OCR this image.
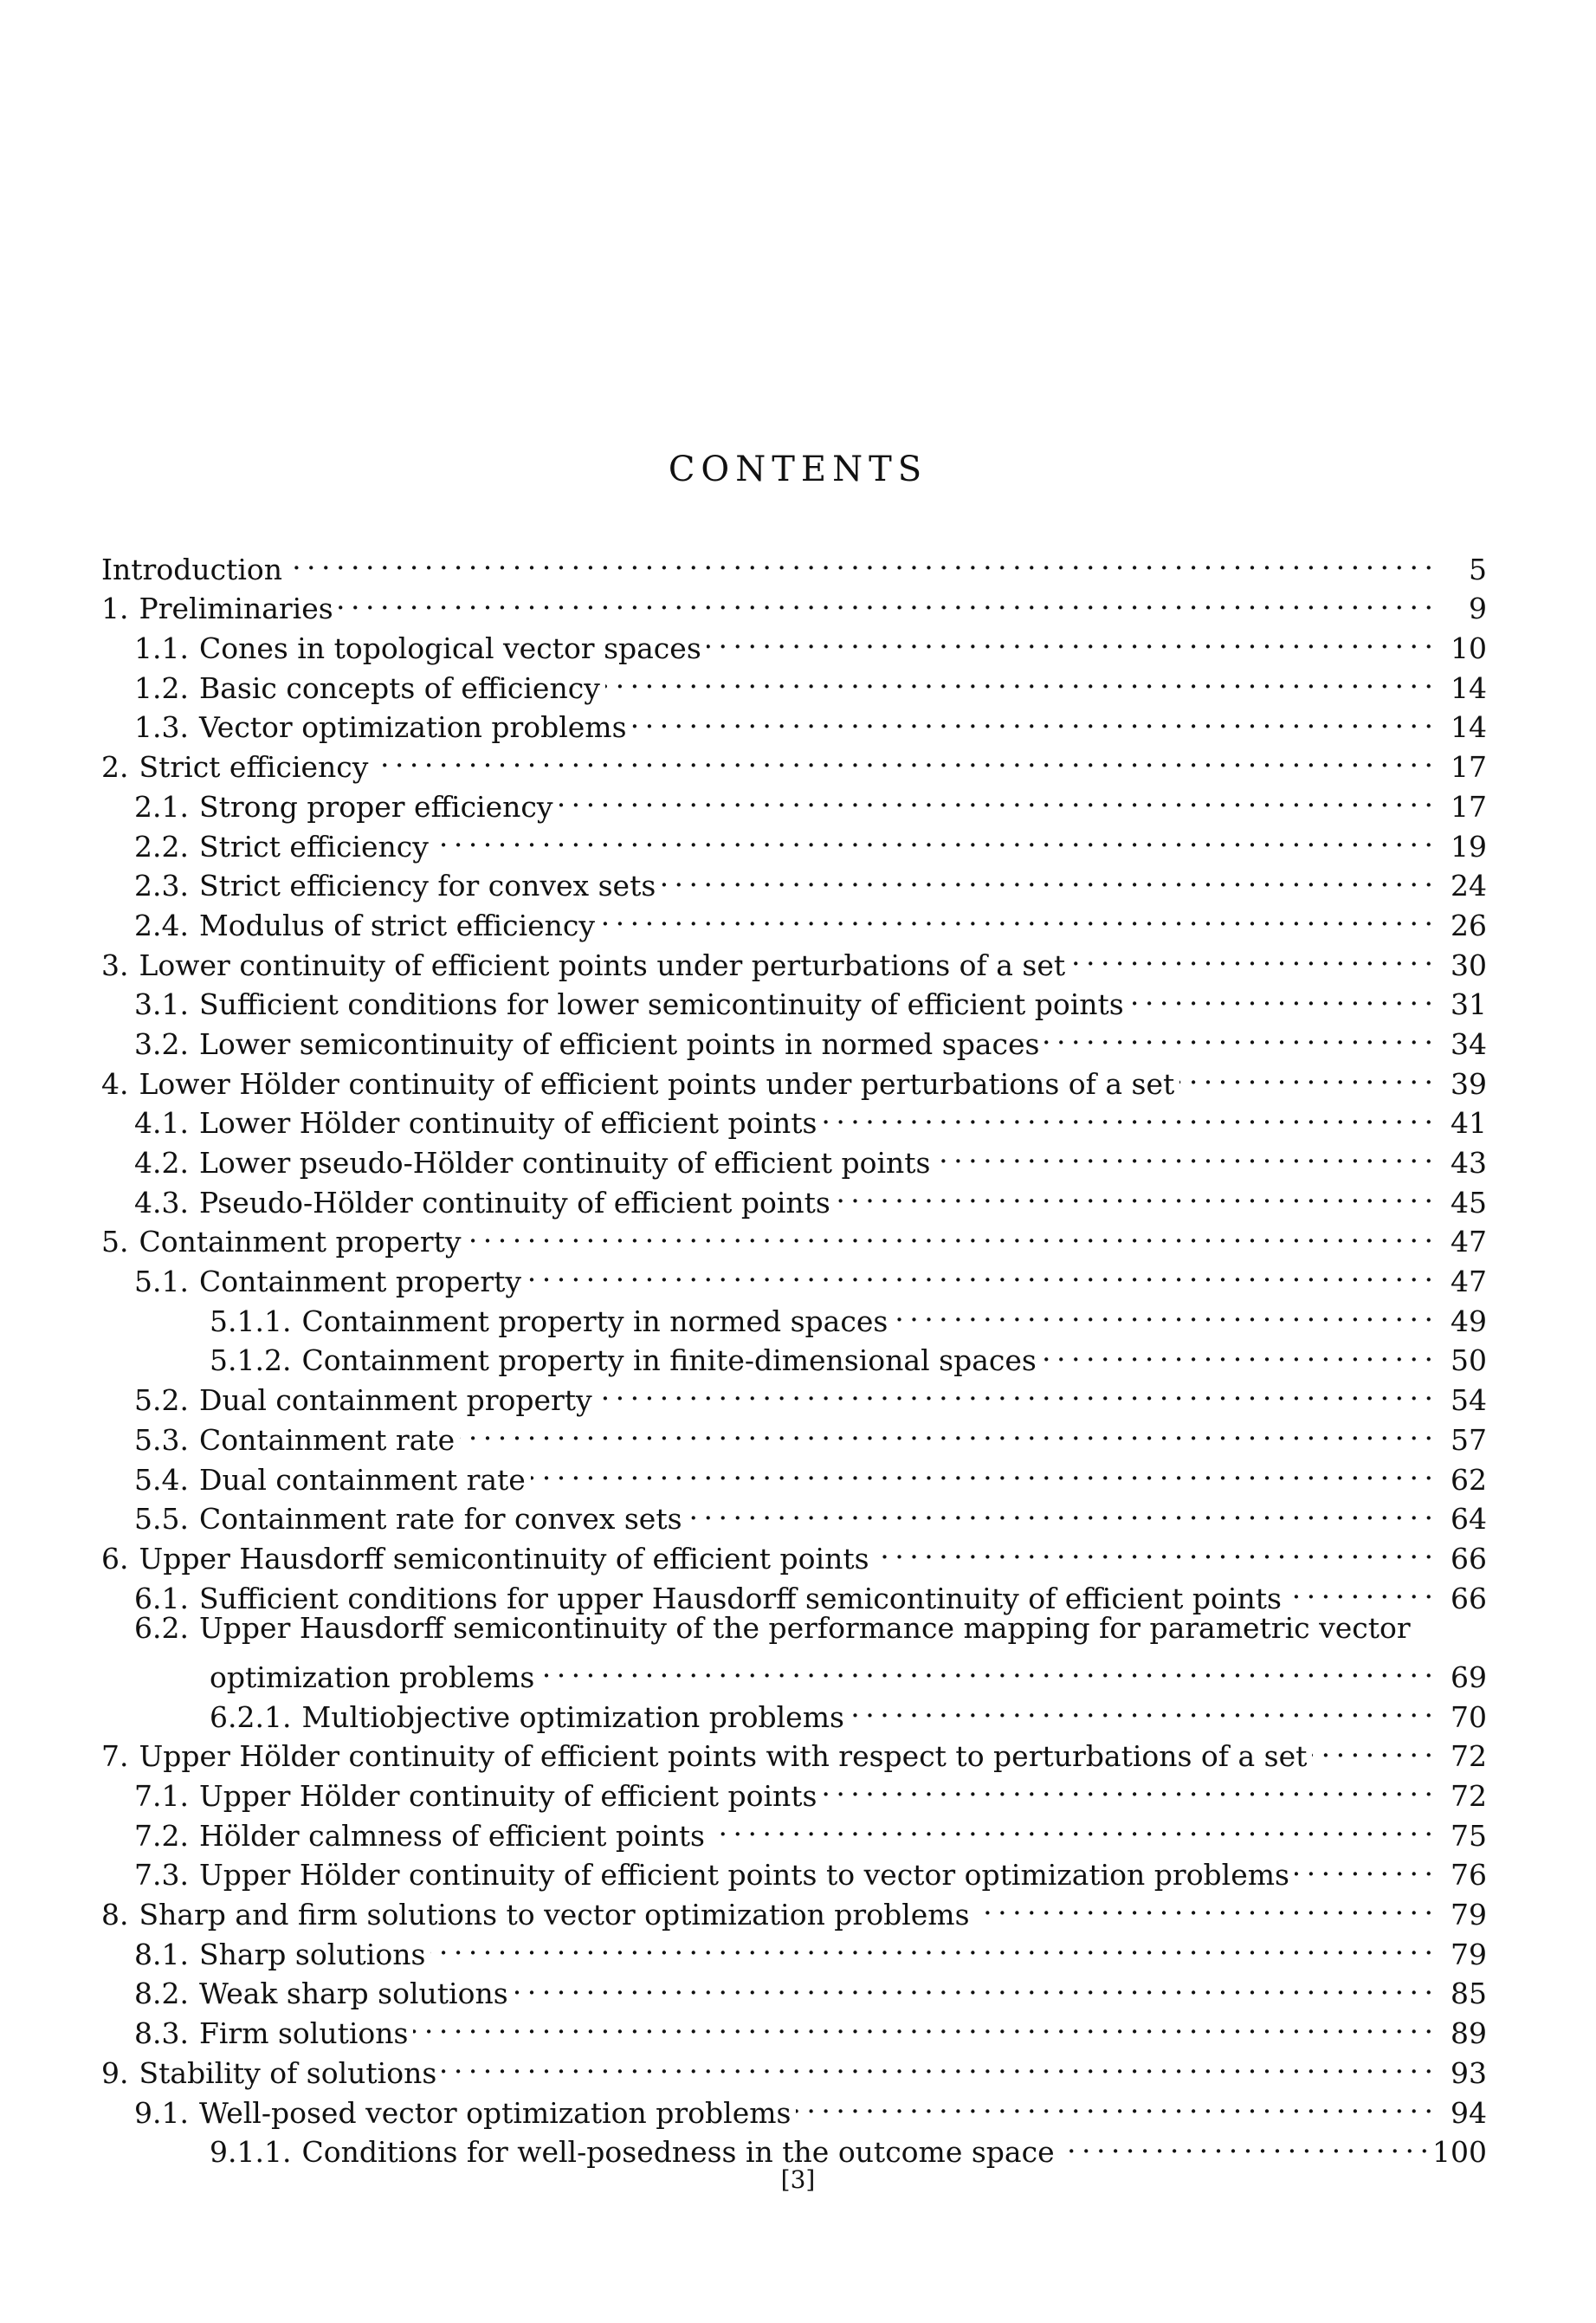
CONTENTS
Introduction . . .	5
1. Preliminaries . . .	9
1.1. Cones in topological vector spaces . . .	10
1.2. Basic concepts of efficiency . . .	14
1.3. Vector optimization problems . . .	14
2. Strict efficiency . . .	17
2.1. Strong proper efficiency . . .	17
2.2. Strict efficiency . . .	19
2.3. Strict efficiency for convex sets . . .	24
2.4. Modulus of strict efficiency . . .	26
3. Lower continuity of efficient points under perturbations of a set . . .	30
3.1. Sufficient conditions for lower semicontinuity of efficient points . . .	31
3.2. Lower semicontinuity of efficient points in normed spaces . . .	34
4. Lower Hölder continuity of efficient points under perturbations of a set . . .	39
4.1. Lower Hölder continuity of efficient points . . .	41
4.2. Lower pseudo-Hölder continuity of efficient points . . .	43
4.3. Pseudo-Hölder continuity of efficient points . . .	45
5. Containment property . . .	47
5.1. Containment property . . .	47
5.1.1. Containment property in normed spaces . . .	49
5.1.2. Containment property in finite-dimensional spaces . . .	50
5.2. Dual containment property . . .	54
5.3. Containment rate . . .	57
5.4. Dual containment rate . . .	62
5.5. Containment rate for convex sets . . .	64
6. Upper Hausdorff semicontinuity of efficient points . . .	66
6.1. Sufficient conditions for upper Hausdorff semicontinuity of efficient points . . .	66
6.2. Upper Hausdorff semicontinuity of the performance mapping for parametric vector
optimization problems . . .	69
6.2.1. Multiobjective optimization problems . . .	70
7. Upper Hölder continuity of efficient points with respect to perturbations of a set . . .	72
7.1. Upper Hölder continuity of efficient points . . .	72
7.2. Hölder calmness of efficient points . . .	75
7.3. Upper Hölder continuity of efficient points to vector optimization problems . . .	76
8. Sharp and firm solutions to vector optimization problems . . .	79
8.1. Sharp solutions . . .	79
8.2. Weak sharp solutions . . .	85
8.3. Firm solutions . . .	89
9. Stability of solutions . . .	93
9.1. Well-posed vector optimization problems . . .	94
9.1.1. Conditions for well-posedness in the outcome space . . .	100
[3]
